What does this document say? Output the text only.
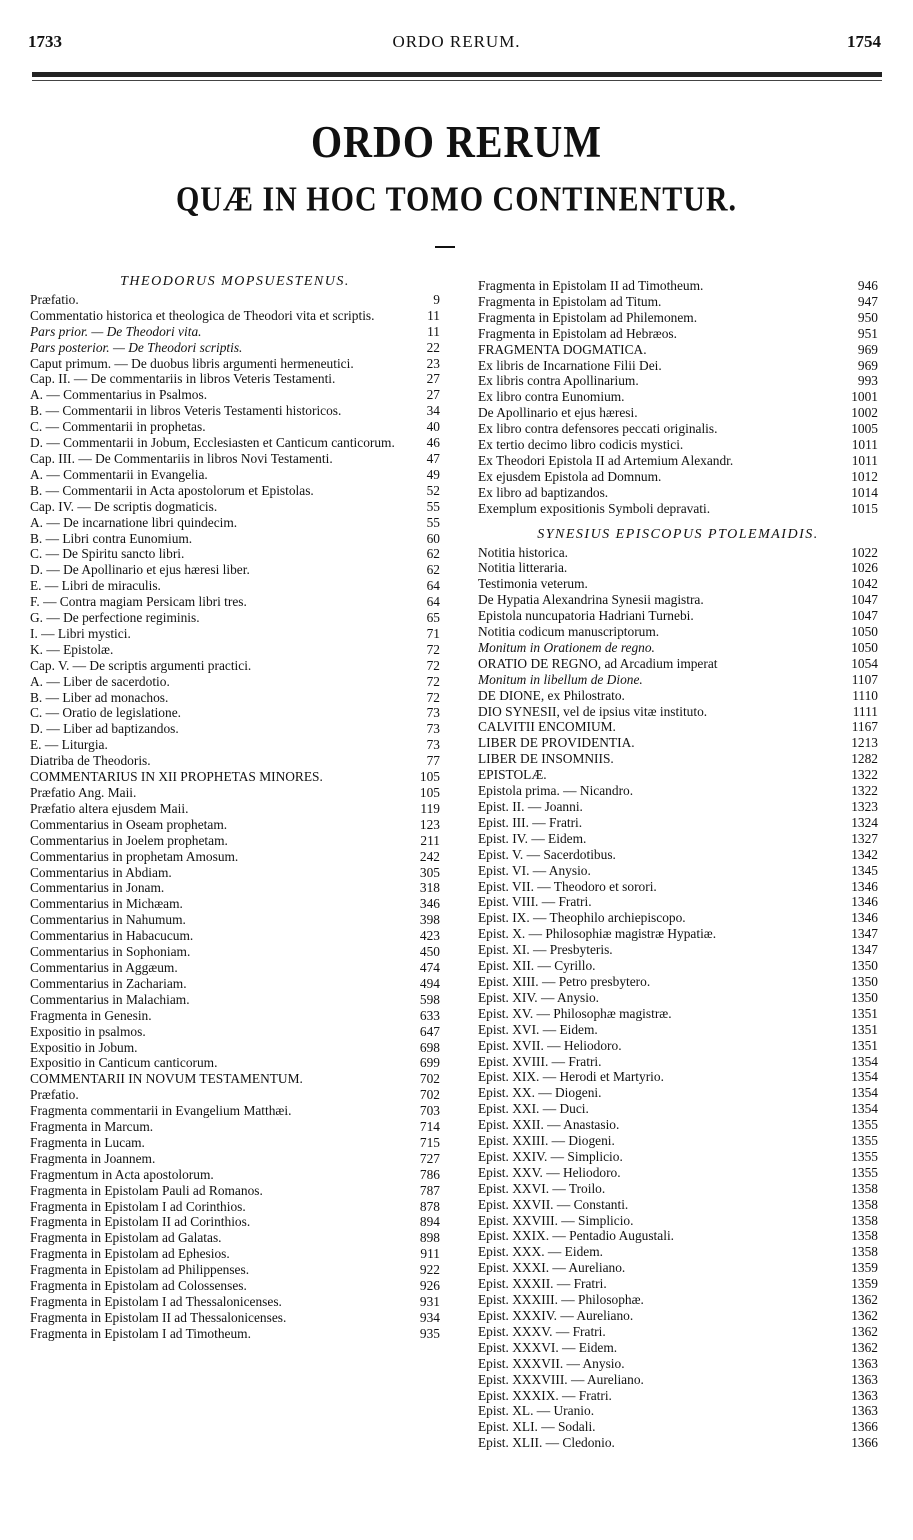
1733	ORDO RERUM.	1754
ORDO RERUM
QUÆ IN HOC TOMO CONTINENTUR.
THEODORUS MOPSUESTENUS.
Præfatio.	9
Commentatio historica et theologica de Theodori vita et scriptis.	11
Pars prior. — De Theodori vita.	11
Pars posterior. — De Theodori scriptis.	22
Caput primum. — De duobus libris argumenti hermeneutici.	23
Cap. II. — De commentariis in libros Veteris Testamenti.	27
A. — Commentarius in Psalmos.	27
B. — Commentarii in libros Veteris Testamenti historicos.	34
C. — Commentarii in prophetas.	40
D. — Commentarii in Jobum, Ecclesiasten et Canticum canticorum.	46
Cap. III. — De Commentariis in libros Novi Testamenti.	47
A. — Commentarii in Evangelia.	49
B. — Commentarii in Acta apostolorum et Epistolas.	52
Cap. IV. — De scriptis dogmaticis.	55
A. — De incarnatione libri quindecim.	55
B. — Libri contra Eunomium.	60
C. — De Spiritu sancto libri.	62
D. — De Apollinario et ejus hæresi liber.	62
E. — Libri de miraculis.	64
F. — Contra magiam Persicam libri tres.	64
G. — De perfectione regiminis.	65
I. — Libri mystici.	71
K. — Epistolæ.	72
Cap. V. — De scriptis argumenti practici.	72
A. — Liber de sacerdotio.	72
B. — Liber ad monachos.	72
C. — Oratio de legislatione.	73
D. — Liber ad baptizandos.	73
E. — Liturgia.	73
Diatriba de Theodoris.	77
COMMENTARIUS IN XII PROPHETAS MINORES.	105
Præfatio Ang. Maii.	105
Præfatio altera ejusdem Maii.	119
Commentarius in Oseam prophetam.	123
Commentarius in Joelem prophetam.	211
Commentarius in prophetam Amosum.	242
Commentarius in Abdiam.	305
Commentarius in Jonam.	318
Commentarius in Michæam.	346
Commentarius in Nahumum.	398
Commentarius in Habacucum.	423
Commentarius in Sophoniam.	450
Commentarius in Aggæum.	474
Commentarius in Zachariam.	494
Commentarius in Malachiam.	598
Fragmenta in Genesin.	633
Expositio in psalmos.	647
Expositio in Jobum.	698
Expositio in Canticum canticorum.	699
COMMENTARII IN NOVUM TESTAMENTUM.	702
Præfatio.	702
Fragmenta commentarii in Evangelium Matthæi.	703
Fragmenta in Marcum.	714
Fragmenta in Lucam.	715
Fragmenta in Joannem.	727
Fragmentum in Acta apostolorum.	786
Fragmenta in Epistolam Pauli ad Romanos.	787
Fragmenta in Epistolam I ad Corinthios.	878
Fragmenta in Epistolam II ad Corinthios.	894
Fragmenta in Epistolam ad Galatas.	898
Fragmenta in Epistolam ad Ephesios.	911
Fragmenta in Epistolam ad Philippenses.	922
Fragmenta in Epistolam ad Colossenses.	926
Fragmenta in Epistolam I ad Thessalonicenses.	931
Fragmenta in Epistolam II ad Thessalonicenses.	934
Fragmenta in Epistolam I ad Timotheum.	935
Fragmenta in Epistolam II ad Timotheum.	946
Fragmenta in Epistolam ad Titum.	947
Fragmenta in Epistolam ad Philemonem.	950
Fragmenta in Epistolam ad Hebræos.	951
FRAGMENTA DOGMATICA.	969
Ex libris de Incarnatione Filii Dei.	969
Ex libris contra Apollinarium.	993
Ex libro contra Eunomium.	1001
De Apollinario et ejus hæresi.	1002
Ex libro contra defensores peccati originalis.	1005
Ex tertio decimo libro codicis mystici.	1011
Ex Theodori Epistola II ad Artemium Alexandr.	1011
Ex ejusdem Epistola ad Domnum.	1012
Ex libro ad baptizandos.	1014
Exemplum expositionis Symboli depravati.	1015
SYNESIUS EPISCOPUS PTOLEMAIDIS.
Notitia historica.	1022
Notitia litteraria.	1026
Testimonia veterum.	1042
De Hypatia Alexandrina Synesii magistra.	1047
Epistola nuncupatoria Hadriani Turnebi.	1047
Notitia codicum manuscriptorum.	1050
Monitum in Orationem de regno.	1050
ORATIO DE REGNO, ad Arcadium imperat	1054
Monitum in libellum de Dione.	1107
DE DIONE, ex Philostrato.	1110
DIO SYNESII, vel de ipsius vitæ instituto.	1111
CALVITII ENCOMIUM.	1167
LIBER DE PROVIDENTIA.	1213
LIBER DE INSOMNIIS.	1282
EPISTOLÆ.	1322
Epistola prima. — Nicandro.	1322
Epist. II. — Joanni.	1323
Epist. III. — Fratri.	1324
Epist. IV. — Eidem.	1327
Epist. V. — Sacerdotibus.	1342
Epist. VI. — Anysio.	1345
Epist. VII. — Theodoro et sorori.	1346
Epist. VIII. — Fratri.	1346
Epist. IX. — Theophilo archiepiscopo.	1346
Epist. X. — Philosophiæ magistræ Hypatiæ.	1347
Epist. XI. — Presbyteris.	1347
Epist. XII. — Cyrillo.	1350
Epist. XIII. — Petro presbytero.	1350
Epist. XIV. — Anysio.	1350
Epist. XV. — Philosophæ magistræ.	1351
Epist. XVI. — Eidem.	1351
Epist. XVII. — Heliodoro.	1351
Epist. XVIII. — Fratri.	1354
Epist. XIX. — Herodi et Martyrio.	1354
Epist. XX. — Diogeni.	1354
Epist. XXI. — Duci.	1354
Epist. XXII. — Anastasio.	1355
Epist. XXIII. — Diogeni.	1355
Epist. XXIV. — Simplicio.	1355
Epist. XXV. — Heliodoro.	1355
Epist. XXVI. — Troilo.	1358
Epist. XXVII. — Constanti.	1358
Epist. XXVIII. — Simplicio.	1358
Epist. XXIX. — Pentadio Augustali.	1358
Epist. XXX. — Eidem.	1358
Epist. XXXI. — Aureliano.	1359
Epist. XXXII. — Fratri.	1359
Epist. XXXIII. — Philosophæ.	1362
Epist. XXXIV. — Aureliano.	1362
Epist. XXXV. — Fratri.	1362
Epist. XXXVI. — Eidem.	1362
Epist. XXXVII. — Anysio.	1363
Epist. XXXVIII. — Aureliano.	1363
Epist. XXXIX. — Fratri.	1363
Epist. XL. — Uranio.	1363
Epist. XLI. — Sodali.	1366
Epist. XLII. — Cledonio.	1366
